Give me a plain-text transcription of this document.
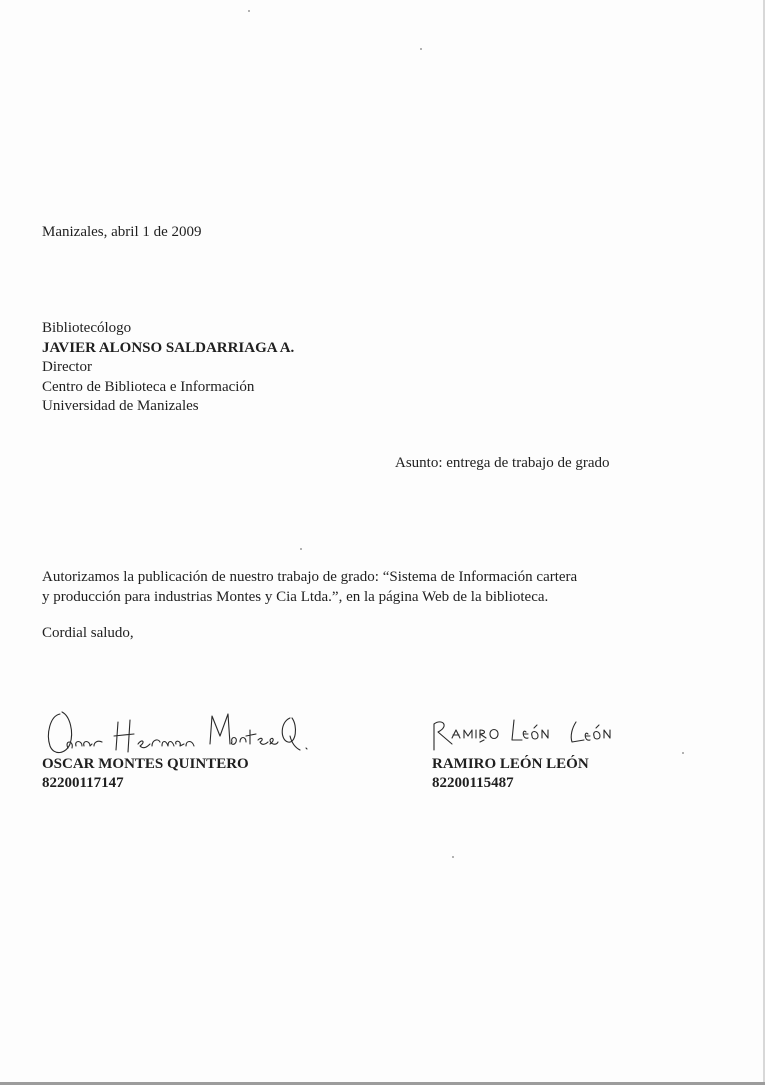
Manizales, abril 1 de 2009
Bibliotecólogo
JAVIER ALONSO SALDARRIAGA A.
Director
Centro de Biblioteca e Información
Universidad de Manizales
Asunto: entrega de trabajo de grado
Autorizamos la publicación de nuestro trabajo de grado: “Sistema de Información cartera
y producción para industrias Montes y Cia Ltda.”, en la página Web de la biblioteca.
Cordial saludo,
OSCAR MONTES QUINTERO
82200117147
RAMIRO LEÓN LEÓN
82200115487
